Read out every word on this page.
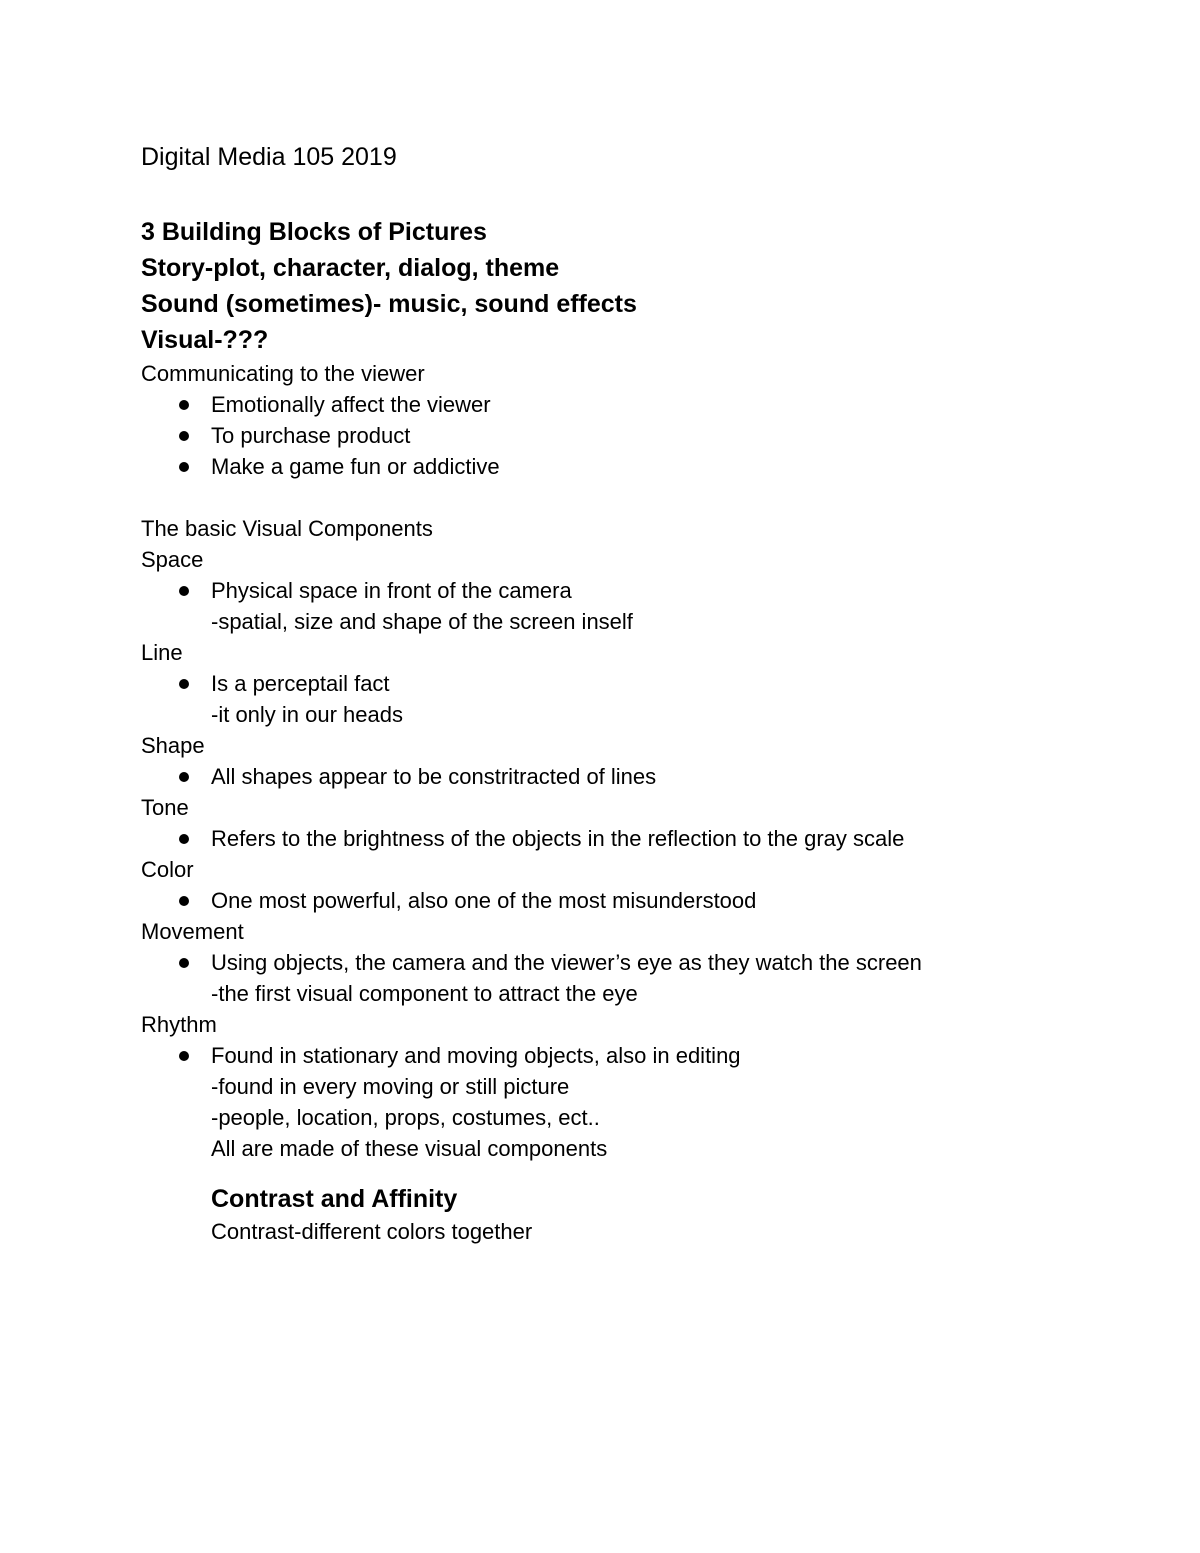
Digital Media 105 2019

3 Building Blocks of Pictures

Story-plot, character, dialog, theme

Sound (sometimes)- music, sound effects

Visual-???

Communicating to the viewer

Emotionally affect the viewer

To purchase product

Make a game fun or addictive

The basic Visual Components

Space

Physical space in front of the camera

-spatial, size and shape of the screen inself

Line

Is a perceptail fact

-it only in our heads

Shape

All shapes appear to be constritracted of lines

Tone

Refers to the brightness of the objects in the reflection to the gray scale

Color

One most powerful, also one of the most misunderstood

Movement

Using objects, the camera and the viewer’s eye as they watch the screen

-the first visual component to attract the eye

Rhythm

Found in stationary and moving objects, also in editing

-found in every moving or still picture

-people, location, props, costumes, ect..

All are made of these visual components

Contrast and Affinity

Contrast-different colors together
